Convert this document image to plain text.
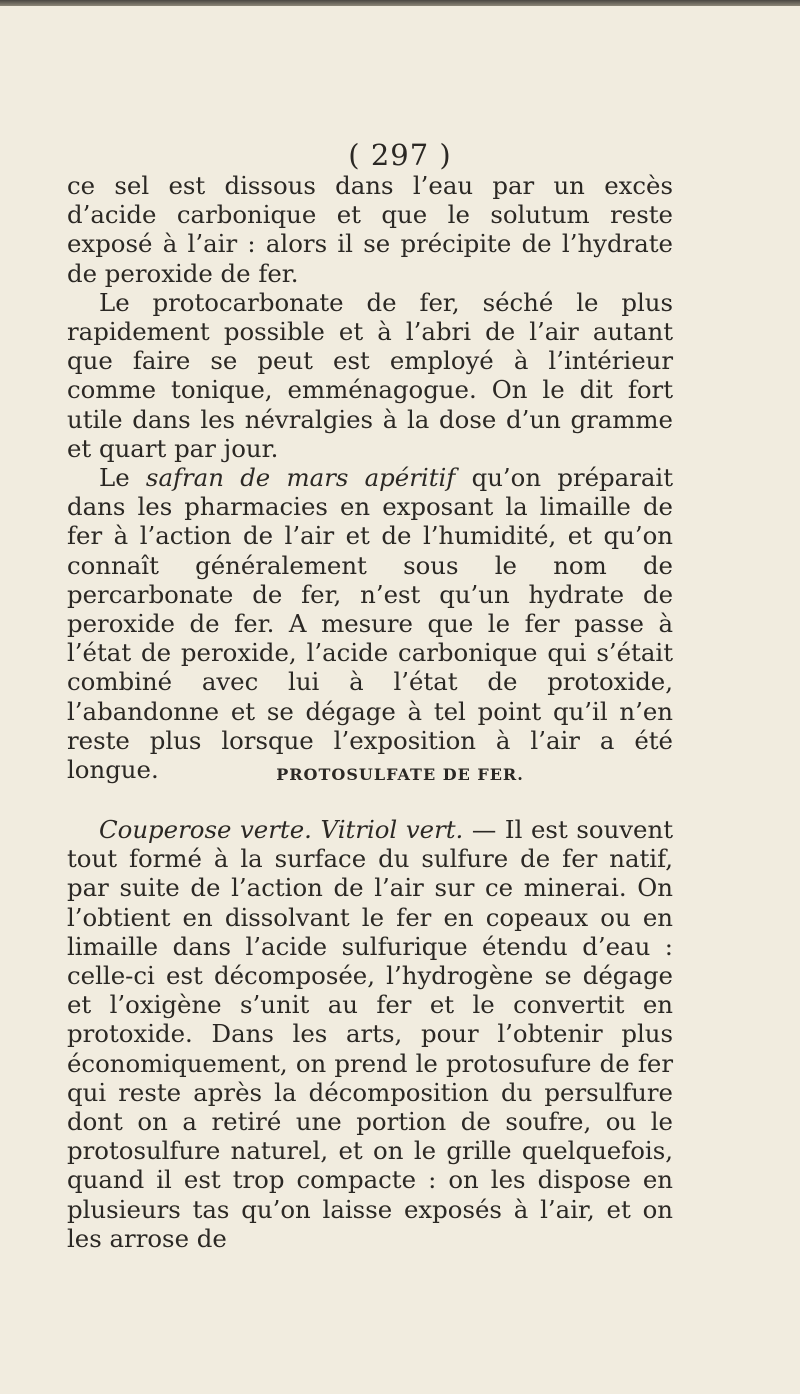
( 297 )

ce sel est dissous dans l’eau par un excès d’acide carbonique et que le solutum reste exposé à l’air : alors il se précipite de l’hydrate de peroxide de fer.

Le protocarbonate de fer, séché le plus rapidement possible et à l’abri de l’air autant que faire se peut est employé à l’intérieur comme tonique, emménagogue. On le dit fort utile dans les névralgies à la dose d’un gramme et quart par jour.

Le safran de mars apéritif qu’on préparait dans les pharmacies en exposant la limaille de fer à l’action de l’air et de l’humidité, et qu’on connaît généralement sous le nom de percarbonate de fer, n’est qu’un hydrate de peroxide de fer. A mesure que le fer passe à l’état de peroxide, l’acide carbonique qui s’était combiné avec lui à l’état de protoxide, l’abandonne et se dégage à tel point qu’il n’en reste plus lorsque l’exposition à l’air a été longue.	PROTOSULFATE DE FER.

Couperose verte. Vitriol vert. — Il est souvent tout formé à la surface du sulfure de fer natif, par suite de l’action de l’air sur ce minerai. On l’obtient en dissolvant le fer en copeaux ou en limaille dans l’acide sulfurique étendu d’eau : celle-ci est décomposée, l’hydrogène se dégage et l’oxigène s’unit au fer et le convertit en protoxide. Dans les arts, pour l’obtenir plus économiquement, on prend le protosufure de fer qui reste après la décomposition du persulfure dont on a retiré une portion de soufre, ou le protosulfure naturel, et on le grille quelquefois, quand il est trop compacte : on les dispose en plusieurs tas qu’on laisse exposés à l’air, et on les arrose de
